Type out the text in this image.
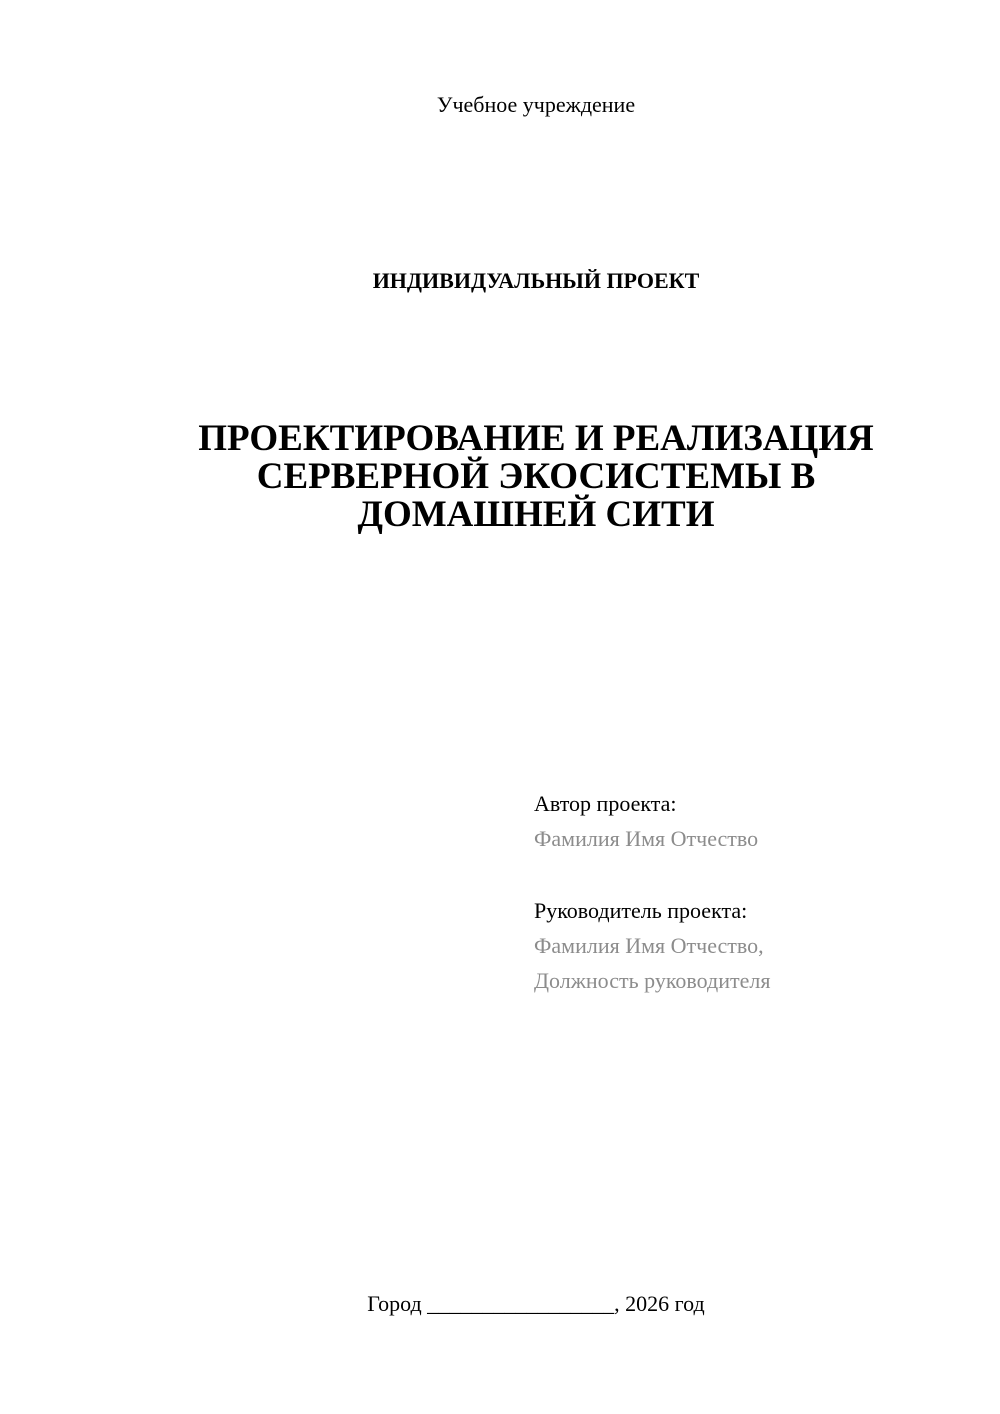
Учебное учреждение
ИНДИВИДУАЛЬНЫЙ ПРОЕКТ
ПРОЕКТИРОВАНИЕ И РЕАЛИЗАЦИЯ
СЕРВЕРНОЙ ЭКОСИСТЕМЫ В
ДОМАШНЕЙ СИТИ
Автор проекта:
Фамилия Имя Отчество
Руководитель проекта:
Фамилия Имя Отчество,
Должность руководителя
Город _________________, 2026 год
